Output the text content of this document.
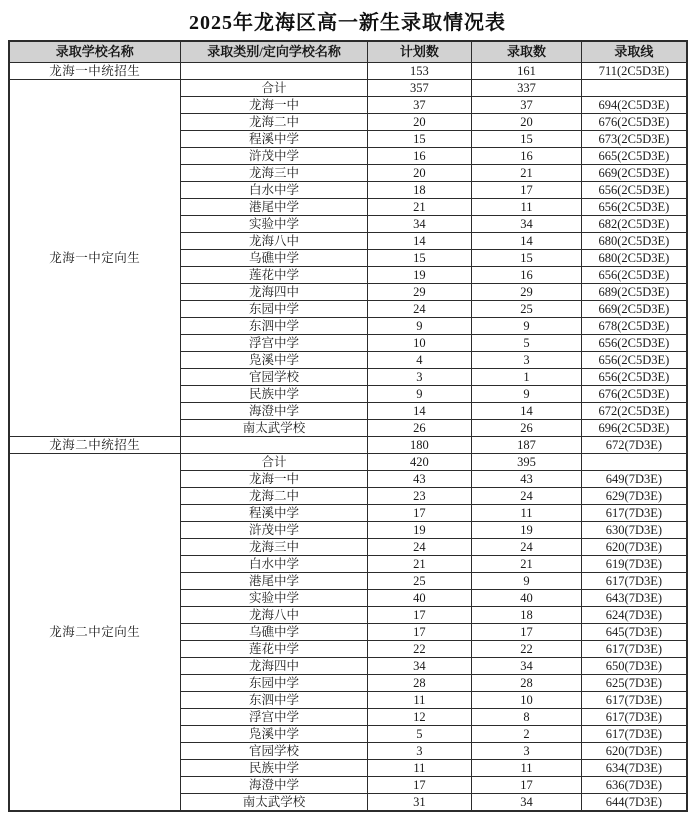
2025年龙海区高一新生录取情况表
录取学校名称	录取类别/定向学校名称	计划数	录取数	录取线
龙海一中统招生		153	161	711(2C5D3E)
龙海一中定向生	合计	357	337	
	龙海一中	37	37	694(2C5D3E)
	龙海二中	20	20	676(2C5D3E)
	程溪中学	15	15	673(2C5D3E)
	浒茂中学	16	16	665(2C5D3E)
	龙海三中	20	21	669(2C5D3E)
	白水中学	18	17	656(2C5D3E)
	港尾中学	21	11	656(2C5D3E)
	实验中学	34	34	682(2C5D3E)
	龙海八中	14	14	680(2C5D3E)
	乌礁中学	15	15	680(2C5D3E)
	莲花中学	19	16	656(2C5D3E)
	龙海四中	29	29	689(2C5D3E)
	东园中学	24	25	669(2C5D3E)
	东泗中学	9	9	678(2C5D3E)
	浮宫中学	10	5	656(2C5D3E)
	凫溪中学	4	3	656(2C5D3E)
	官园学校	3	1	656(2C5D3E)
	民族中学	9	9	676(2C5D3E)
	海澄中学	14	14	672(2C5D3E)
	南太武学校	26	26	696(2C5D3E)
龙海二中统招生		180	187	672(7D3E)
龙海二中定向生	合计	420	395	
	龙海一中	43	43	649(7D3E)
	龙海二中	23	24	629(7D3E)
	程溪中学	17	11	617(7D3E)
	浒茂中学	19	19	630(7D3E)
	龙海三中	24	24	620(7D3E)
	白水中学	21	21	619(7D3E)
	港尾中学	25	9	617(7D3E)
	实验中学	40	40	643(7D3E)
	龙海八中	17	18	624(7D3E)
	乌礁中学	17	17	645(7D3E)
	莲花中学	22	22	617(7D3E)
	龙海四中	34	34	650(7D3E)
	东园中学	28	28	625(7D3E)
	东泗中学	11	10	617(7D3E)
	浮宫中学	12	8	617(7D3E)
	凫溪中学	5	2	617(7D3E)
	官园学校	3	3	620(7D3E)
	民族中学	11	11	634(7D3E)
	海澄中学	17	17	636(7D3E)
	南太武学校	31	34	644(7D3E)
